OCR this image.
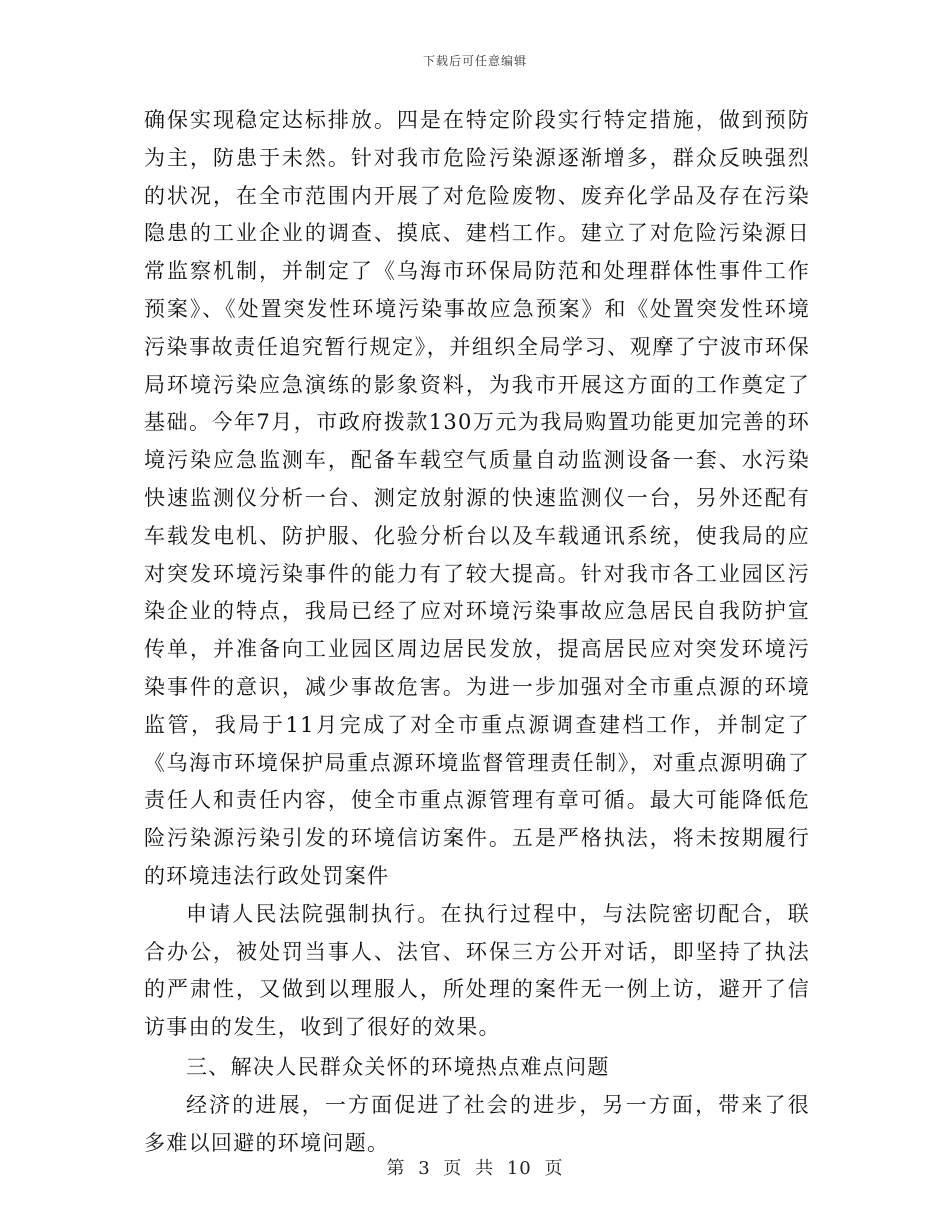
下载后可任意编辑

确保实现稳定达标排放。四是在特定阶段实行特定措施，做到预防为主，防患于未然。针对我市危险污染源逐渐增多，群众反映强烈的状况，在全市范围内开展了对危险废物、废弃化学品及存在污染隐患的工业企业的调查、摸底、建档工作。建立了对危险污染源日常监察机制，并制定了《乌海市环保局防范和处理群体性事件工作预案》、《处置突发性环境污染事故应急预案》和《处置突发性环境污染事故责任追究暂行规定》，并组织全局学习、观摩了宁波市环保局环境污染应急演练的影象资料，为我市开展这方面的工作奠定了基础。今年7月，市政府拨款130万元为我局购置功能更加完善的环境污染应急监测车，配备车载空气质量自动监测设备一套、水污染快速监测仪分析一台、测定放射源的快速监测仪一台，另外还配有车载发电机、防护服、化验分析台以及车载通讯系统，使我局的应对突发环境污染事件的能力有了较大提高。针对我市各工业园区污染企业的特点，我局已经了应对环境污染事故应急居民自我防护宣传单，并准备向工业园区周边居民发放，提高居民应对突发环境污染事件的意识，减少事故危害。为进一步加强对全市重点源的环境监管，我局于11月完成了对全市重点源调查建档工作，并制定了《乌海市环境保护局重点源环境监督管理责任制》，对重点源明确了责任人和责任内容，使全市重点源管理有章可循。最大可能降低危险污染源污染引发的环境信访案件。五是严格执法，将未按期履行的环境违法行政处罚案件

申请人民法院强制执行。在执行过程中，与法院密切配合，联合办公，被处罚当事人、法官、环保三方公开对话，即坚持了执法的严肃性，又做到以理服人，所处理的案件无一例上访，避开了信访事由的发生，收到了很好的效果。

三、解决人民群众关怀的环境热点难点问题

经济的进展，一方面促进了社会的进步，另一方面，带来了很多难以回避的环境问题。

第 3 页 共 10 页
